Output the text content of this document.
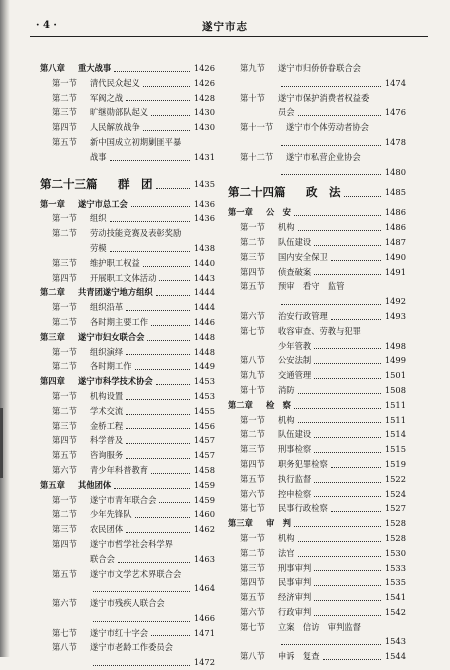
· 4 ·	遂宁市志
第八章 重大战事	1426
第一节 清代民众起义	1426
第二节 军阀之战	1428
第三节 旷继勋部队起义	1430
第四节 人民解放战争	1430
第五节 新中国成立初期剿匪平暴
战事	1431
第二十三篇 群　团	1435
第一章 遂宁市总工会	1436
第一节 组织	1436
第二节 劳动技能竞赛及表彰奖励
劳模	1438
第三节 维护职工权益	1440
第四节 开展职工文体活动	1443
第二章 共青团遂宁地方组织	1444
第一节 组织沿革	1444
第二节 各时期主要工作	1446
第三章 遂宁市妇女联合会	1448
第一节 组织演绎	1448
第二节 各时期工作	1449
第四章 遂宁市科学技术协会	1453
第一节 机构设置	1453
第二节 学术交流	1455
第三节 金桥工程	1456
第四节 科学普及	1457
第五节 咨询服务	1457
第六节 青少年科普教育	1458
第五章 其他团体	1459
第一节 遂宁市青年联合会	1459
第二节 少年先锋队	1460
第三节 农民团体	1462
第四节 遂宁市哲学社会科学界
联合会	1463
第五节 遂宁市文学艺术界联合会
1464
第六节 遂宁市残疾人联合会
1466
第七节 遂宁市红十字会	1471
第八节 遂宁市老龄工作委员会
1472
第九节 遂宁市归侨侨眷联合会
1474
第十节 遂宁市保护消费者权益委
员会	1476
第十一节 遂宁市个体劳动者协会
1478
第十二节 遂宁市私营企业协会
1480
第二十四篇 政　法	1485
第一章 公　安	1486
第一节 机构	1486
第二节 队伍建设	1487
第三节 国内安全保卫	1490
第四节 侦查破案	1491
第五节 预审　看守　监管
1492
第六节 治安行政管理	1493
第七节 收容审查、劳教与犯罪
少年管教	1498
第八节 公安法制	1499
第九节 交通管理	1501
第十节 消防	1508
第二章 检　察	1511
第一节 机构	1511
第二节 队伍建设	1514
第三节 刑事检察	1515
第四节 职务犯罪检察	1519
第五节 执行监督	1522
第六节 控申检察	1524
第七节 民事行政检察	1527
第三章 审　判	1528
第一节 机构	1528
第二节 法官	1530
第三节 刑事审判	1533
第四节 民事审判	1535
第五节 经济审判	1541
第六节 行政审判	1542
第七节 立案　信访　审判监督
1543
第八节 申诉　复查	1544
